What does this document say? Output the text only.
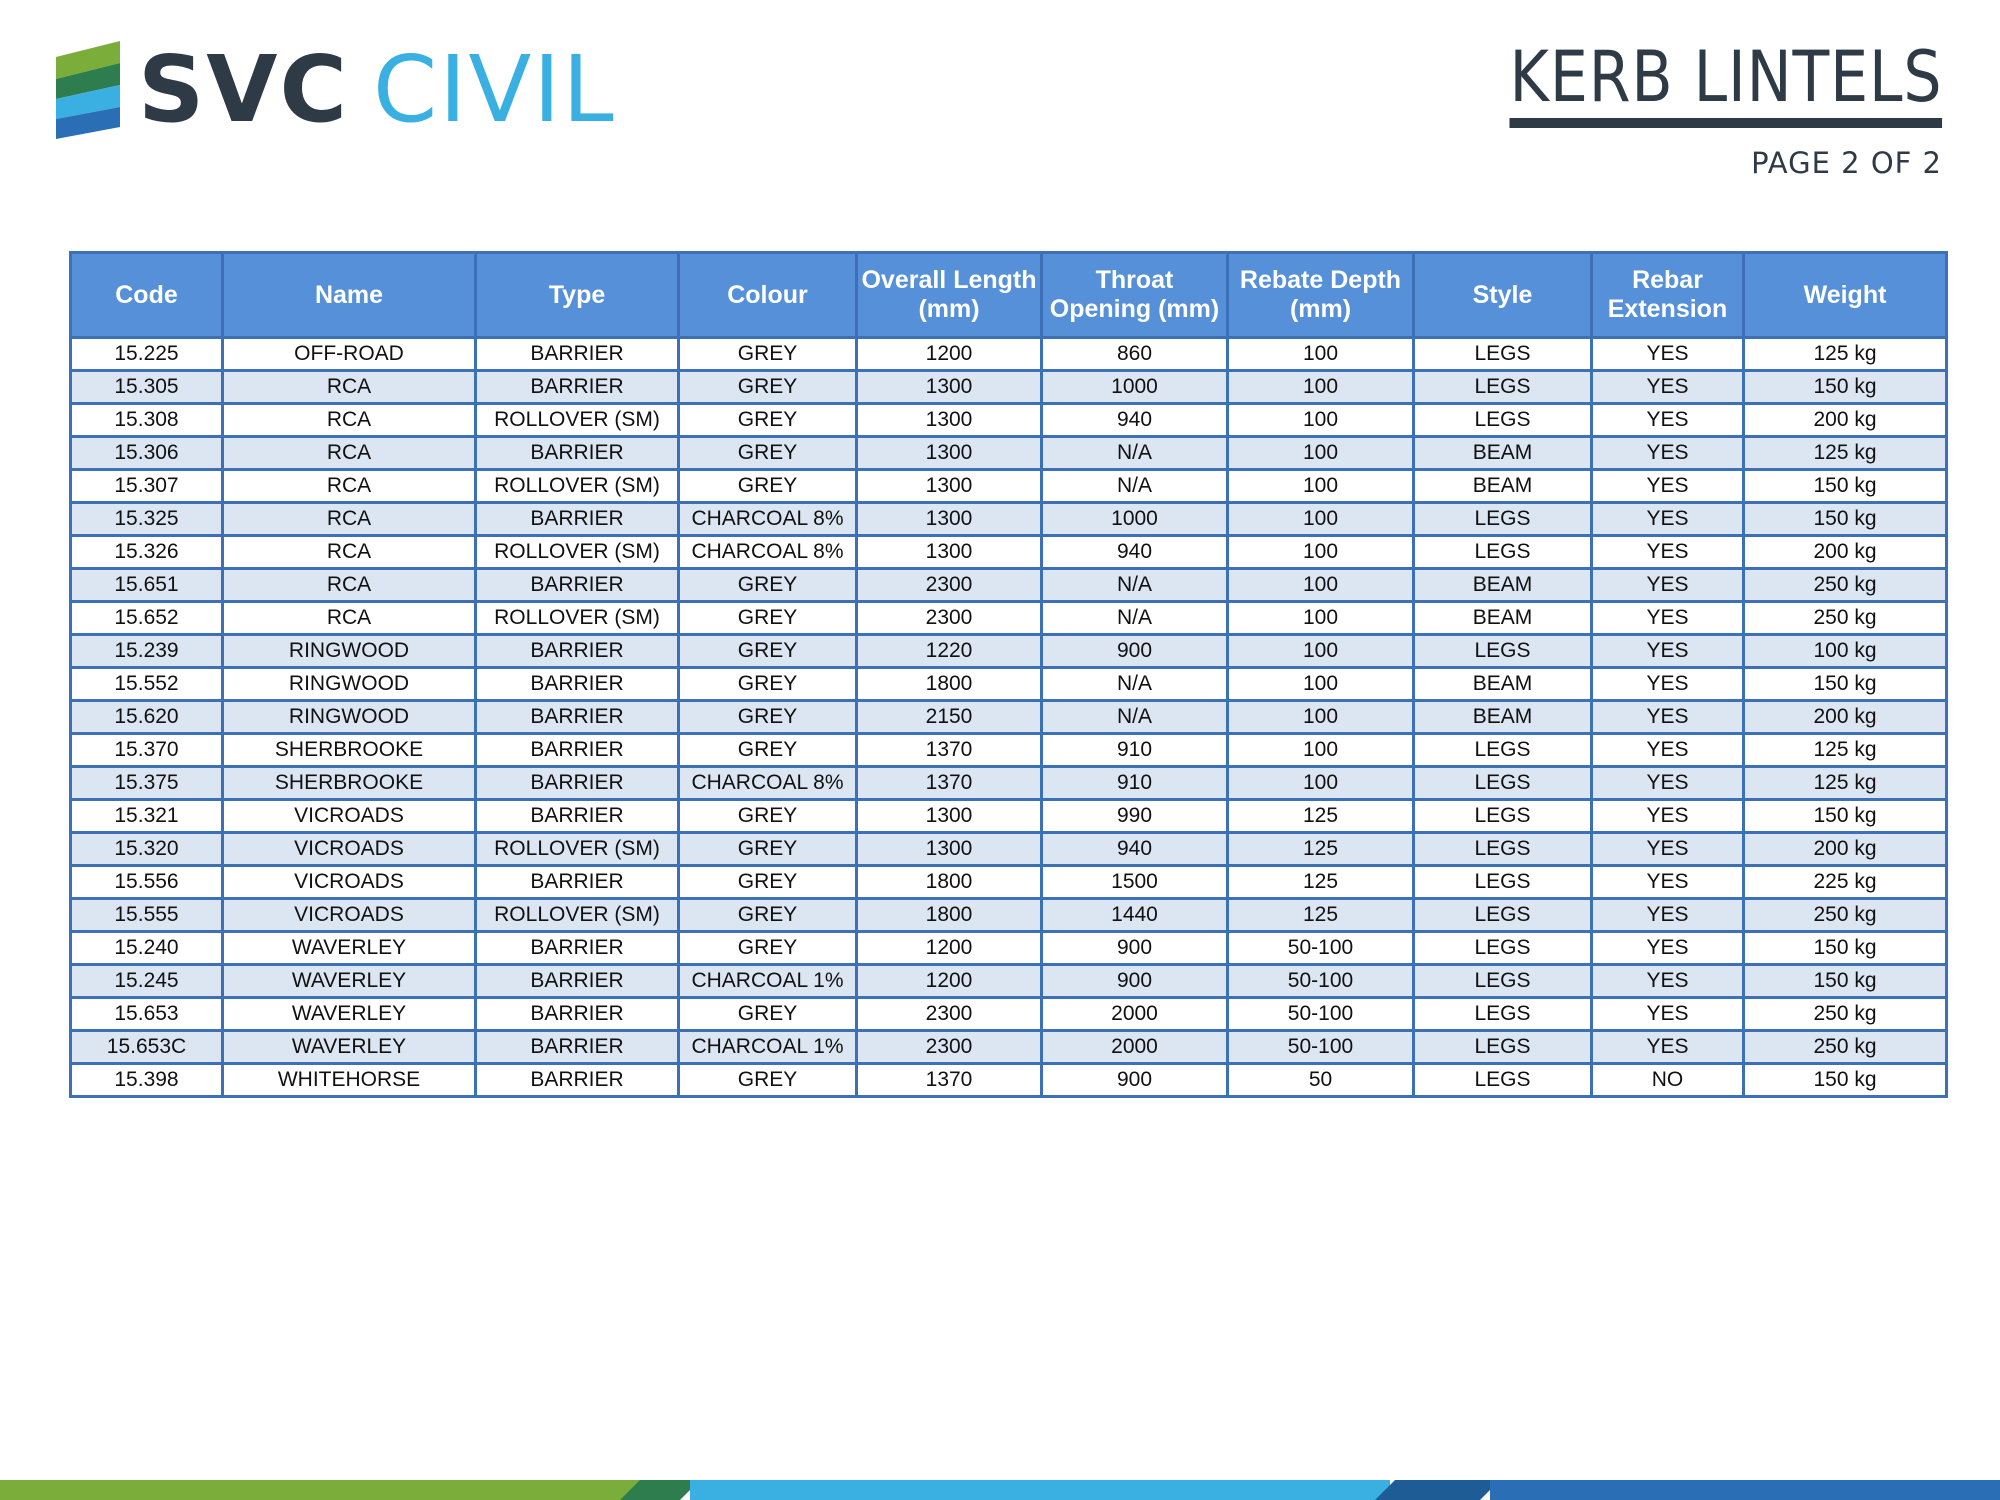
SVC CIVIL	KERB LINTELS
PAGE 2 OF 2
Code	Name	Type	Colour	Overall Length (mm)	Throat Opening (mm)	Rebate Depth (mm)	Style	Rebar Extension	Weight
15.225	OFF-ROAD	BARRIER	GREY	1200	860	100	LEGS	YES	125 kg
15.305	RCA	BARRIER	GREY	1300	1000	100	LEGS	YES	150 kg
15.308	RCA	ROLLOVER (SM)	GREY	1300	940	100	LEGS	YES	200 kg
15.306	RCA	BARRIER	GREY	1300	N/A	100	BEAM	YES	125 kg
15.307	RCA	ROLLOVER (SM)	GREY	1300	N/A	100	BEAM	YES	150 kg
15.325	RCA	BARRIER	CHARCOAL 8%	1300	1000	100	LEGS	YES	150 kg
15.326	RCA	ROLLOVER (SM)	CHARCOAL 8%	1300	940	100	LEGS	YES	200 kg
15.651	RCA	BARRIER	GREY	2300	N/A	100	BEAM	YES	250 kg
15.652	RCA	ROLLOVER (SM)	GREY	2300	N/A	100	BEAM	YES	250 kg
15.239	RINGWOOD	BARRIER	GREY	1220	900	100	LEGS	YES	100 kg
15.552	RINGWOOD	BARRIER	GREY	1800	N/A	100	BEAM	YES	150 kg
15.620	RINGWOOD	BARRIER	GREY	2150	N/A	100	BEAM	YES	200 kg
15.370	SHERBROOKE	BARRIER	GREY	1370	910	100	LEGS	YES	125 kg
15.375	SHERBROOKE	BARRIER	CHARCOAL 8%	1370	910	100	LEGS	YES	125 kg
15.321	VICROADS	BARRIER	GREY	1300	990	125	LEGS	YES	150 kg
15.320	VICROADS	ROLLOVER (SM)	GREY	1300	940	125	LEGS	YES	200 kg
15.556	VICROADS	BARRIER	GREY	1800	1500	125	LEGS	YES	225 kg
15.555	VICROADS	ROLLOVER (SM)	GREY	1800	1440	125	LEGS	YES	250 kg
15.240	WAVERLEY	BARRIER	GREY	1200	900	50-100	LEGS	YES	150 kg
15.245	WAVERLEY	BARRIER	CHARCOAL 1%	1200	900	50-100	LEGS	YES	150 kg
15.653	WAVERLEY	BARRIER	GREY	2300	2000	50-100	LEGS	YES	250 kg
15.653C	WAVERLEY	BARRIER	CHARCOAL 1%	2300	2000	50-100	LEGS	YES	250 kg
15.398	WHITEHORSE	BARRIER	GREY	1370	900	50	LEGS	NO	150 kg
